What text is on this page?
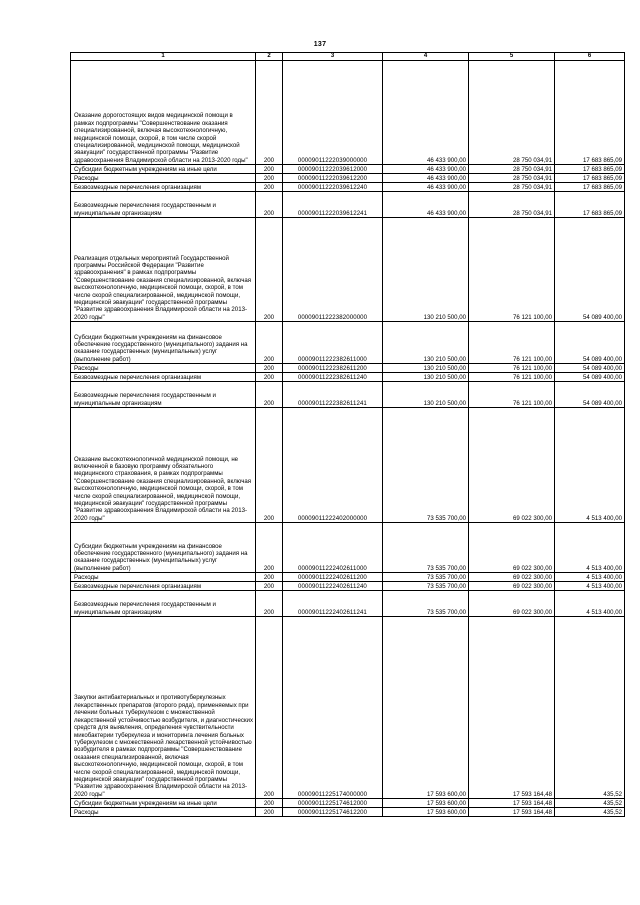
137
1	2	3	4	5	6
Оказание дорогостоящих видов медицинской помощи в рамках подпрограммы "Совершенствование оказания специализированной, включая высокотехнологичную, медицинской помощи, скорой, в том числе скорой специализированной, медицинской помощи, медицинской эвакуации" государственной программы "Развитие здравоохранения Владимирской области на 2013-2020 годы"	200	00009011222039000000	46 433 900,00	28 750 034,91	17 683 865,09
Субсидии бюджетным учреждениям на иные цели	200	00009011222039612000	46 433 900,00	28 750 034,91	17 683 865,09
Расходы	200	00009011222039612200	46 433 900,00	28 750 034,91	17 683 865,09
Безвозмездные перечисления организациям	200	00009011222039612240	46 433 900,00	28 750 034,91	17 683 865,09
Безвозмездные перечисления государственным и муниципальным организациям	200	00009011222039612241	46 433 900,00	28 750 034,91	17 683 865,09
Реализация отдельных мероприятий Государственной программы Российской Федерации "Развитие здравоохранения" в рамках подпрограммы "Совершенствование оказания специализированной, включая высокотехнологичную, медицинской помощи, скорой, в том числе скорой специализированной, медицинской помощи, медицинской эвакуации" государственной программы "Развитие здравоохранения Владимирской области на 2013-2020 годы"	200	00009011222382000000	130 210 500,00	76 121 100,00	54 089 400,00
Субсидии бюджетным учреждениям на финансовое обеспечение государственного (муниципального) задания на оказание государственных (муниципальных) услуг (выполнение работ)	200	00009011222382611000	130 210 500,00	76 121 100,00	54 089 400,00
Расходы	200	00009011222382611200	130 210 500,00	76 121 100,00	54 089 400,00
Безвозмездные перечисления организациям	200	00009011222382611240	130 210 500,00	76 121 100,00	54 089 400,00
Безвозмездные перечисления государственным и муниципальным организациям	200	00009011222382611241	130 210 500,00	76 121 100,00	54 089 400,00
Оказание высокотехнологичной медицинской помощи, не включенной в базовую программу обязательного медицинского страхования, в рамках подпрограммы "Совершенствование оказания специализированной, включая высокотехнологичную, медицинской помощи, скорой, в том числе скорой специализированной, медицинской помощи, медицинской эвакуации" государственной программы "Развитие здравоохранения Владимирской области на 2013-2020 годы"	200	00009011222402000000	73 535 700,00	69 022 300,00	4 513 400,00
Субсидии бюджетным учреждениям на финансовое обеспечение государственного (муниципального) задания на оказание государственных (муниципальных) услуг (выполнение работ)	200	00009011222402611000	73 535 700,00	69 022 300,00	4 513 400,00
Расходы	200	00009011222402611200	73 535 700,00	69 022 300,00	4 513 400,00
Безвозмездные перечисления организациям	200	00009011222402611240	73 535 700,00	69 022 300,00	4 513 400,00
Безвозмездные перечисления государственным и муниципальным организациям	200	00009011222402611241	73 535 700,00	69 022 300,00	4 513 400,00
Закупки антибактериальных и противотуберкулезных лекарственных препаратов (второго ряда), применяемых при лечении больных туберкулезом с множественной лекарственной устойчивостью возбудителя, и диагностических средств для выявления, определения чувствительности микобактерии туберкулеза и мониторинга лечения больных туберкулезом с множественной лекарственной устойчивостью возбудителя в рамках подпрограммы "Совершенствование оказания специализированной, включая высокотехнологичную, медицинской помощи, скорой, в том числе скорой специализированной, медицинской помощи, медицинской эвакуации" государственной программы "Развитие здравоохранения Владимирской области на 2013-2020 годы"	200	00009011225174000000	17 593 600,00	17 593 164,48	435,52
Субсидии бюджетным учреждениям на иные цели	200	00009011225174612000	17 593 600,00	17 593 164,48	435,52
Расходы	200	00009011225174612200	17 593 600,00	17 593 164,48	435,52
